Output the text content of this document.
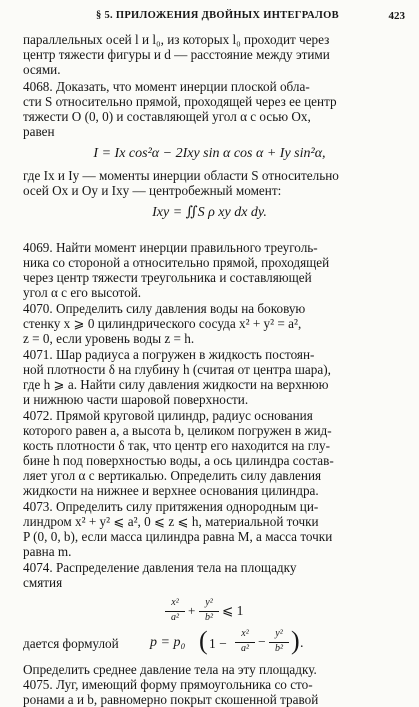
§ 5. ПРИЛОЖЕНИЯ ДВОЙНЫХ ИНТЕГРАЛОВ	423
параллельных осей l и l₀, из которых l₀ проходит через
центр тяжести фигуры и d — расстояние между этими
осями.
4068. Доказать, что момент инерции плоской обла-
сти S относительно прямой, проходящей через ее центр
тяжести O (0, 0) и составляющей угол α с осью Ox,
равен
I = Ix cos²α − 2Ixy sin α cos α + Iy sin²α,
где Ix и Iy — моменты инерции области S относительно
осей Ox и Oy и Ixy — центробежный момент:
Ixy = ∬S ρ xy dx dy.
4069. Найти момент инерции правильного треуголь-
ника со стороной a относительно прямой, проходящей
через центр тяжести треугольника и составляющей
угол α с его высотой.
4070. Определить силу давления воды на боковую
стенку x ⩾ 0 цилиндрического сосуда x² + y² = a²,
z = 0, если уровень воды z = h.
4071. Шар радиуса a погружен в жидкость постоян-
ной плотности δ на глубину h (считая от центра шара),
где h ⩾ a. Найти силу давления жидкости на верхнюю
и нижнюю части шаровой поверхности.
4072. Прямой круговой цилиндр, радиус основания
которого равен a, а высота b, целиком погружен в жид-
кость плотности δ так, что центр его находится на глу-
бине h под поверхностью воды, а ось цилиндра состав-
ляет угол α с вертикалью. Определить силу давления
жидкости на нижнее и верхнее основания цилиндра.
4073. Определить силу притяжения однородным ци-
линдром x² + y² ⩽ a², 0 ⩽ z ⩽ h, материальной точки
P (0, 0, b), если масса цилиндра равна M, а масса точки
равна m.
4074. Распределение давления тела на площадку
смятия
x²
a² +
y²
b² ⩽ 1
дается формулой p = p₀ ( 1 −
x²
a² −
y²
b² ) .
Определить среднее давление тела на эту площадку.
4075. Луг, имеющий форму прямоугольника со сто-
ронами a и b, равномерно покрыт скошенной травой
